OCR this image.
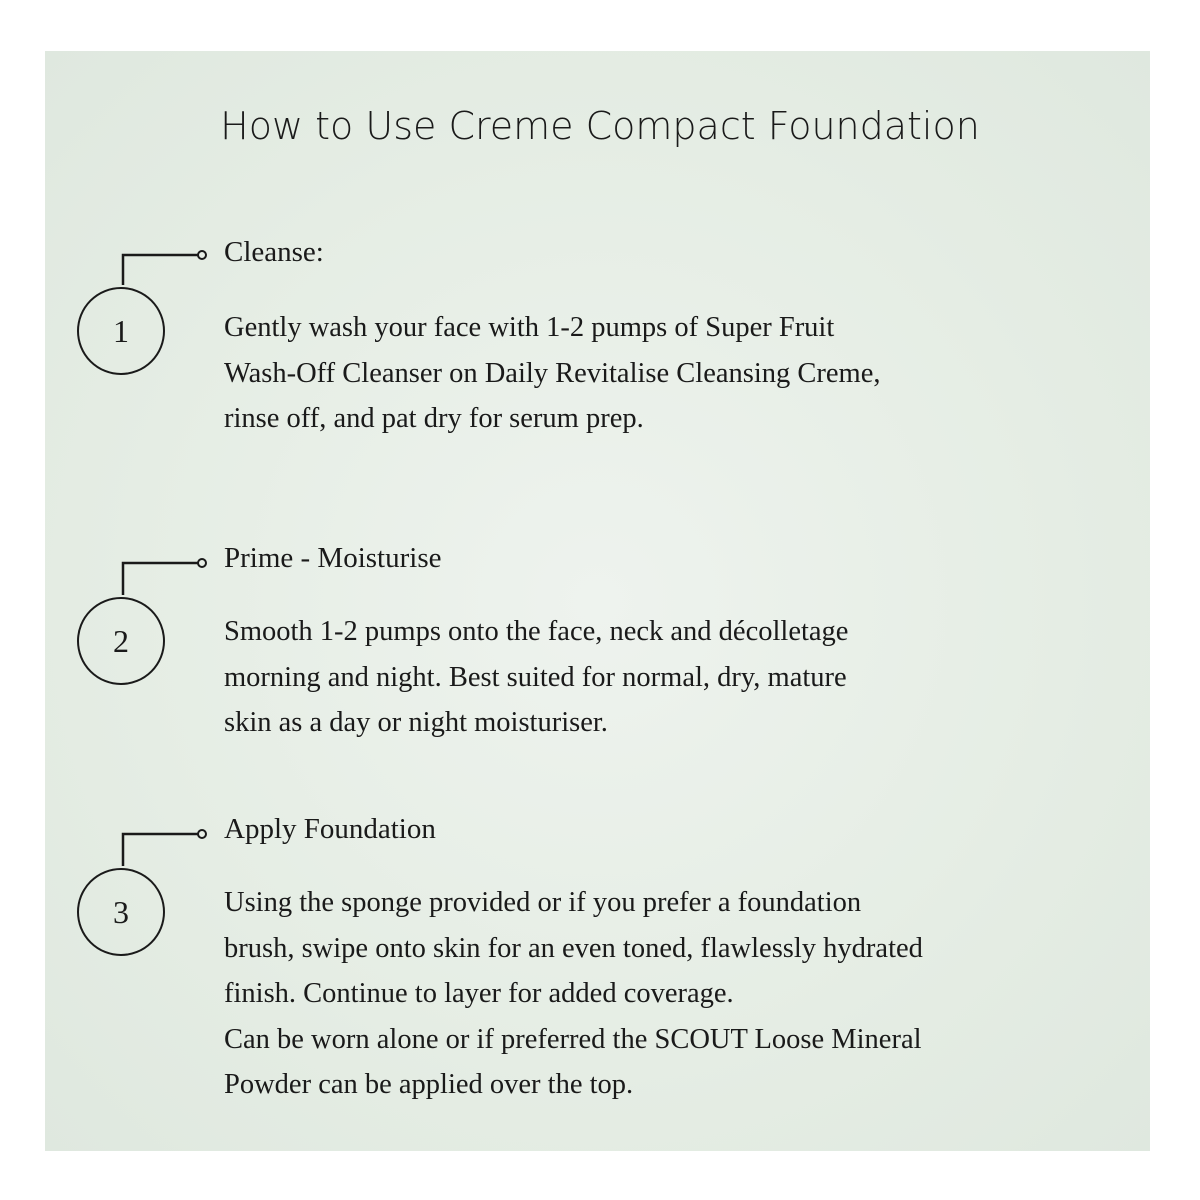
How to Use Creme Compact Foundation
1
Cleanse:
Gently wash your face with 1-2 pumps of Super Fruit
Wash-Off Cleanser on Daily Revitalise Cleansing Creme,
rinse off, and pat dry for serum prep.
2
Prime - Moisturise
Smooth 1-2 pumps onto the face, neck and décolletage
morning and night. Best suited for normal, dry, mature
skin as a day or night moisturiser.
3
Apply Foundation
Using the sponge provided or if you prefer a foundation
brush, swipe onto skin for an even toned, flawlessly hydrated
finish. Continue to layer for added coverage.
Can be worn alone or if preferred the SCOUT Loose Mineral
Powder can be applied over the top.
